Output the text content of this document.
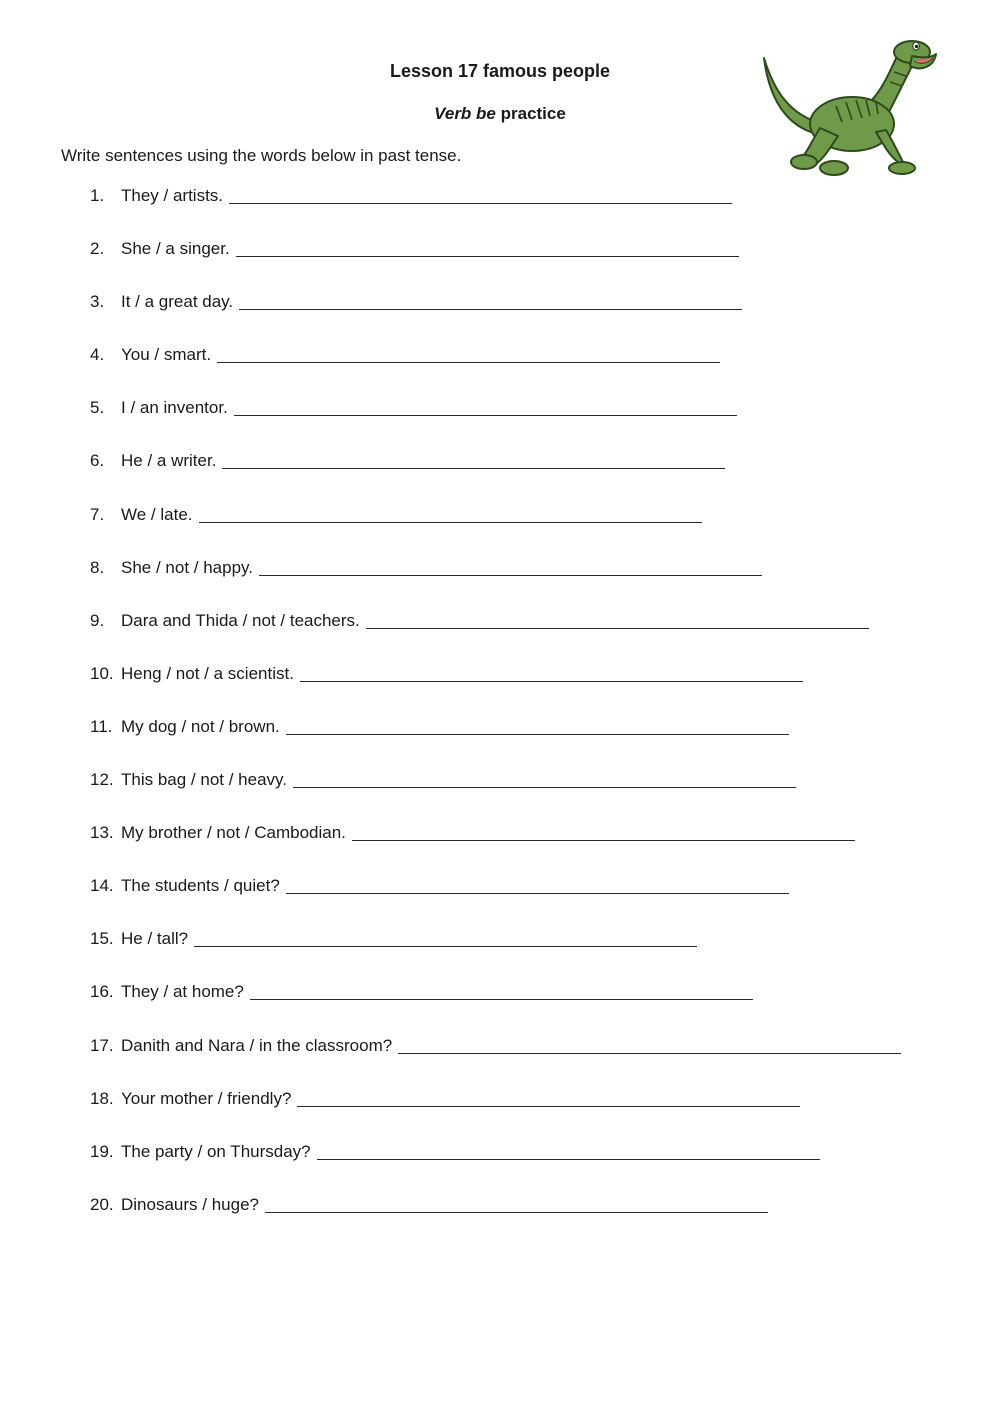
Lesson 17 famous people

Verb be practice

Write sentences using the words below in past tense.

1. They / artists.
2. She / a singer.
3. It / a great day.
4. You / smart.
5. I / an inventor.
6. He / a writer.
7. We / late.
8. She / not / happy.
9. Dara and Thida / not / teachers.
10. Heng / not / a scientist.
11. My dog / not / brown.
12. This bag / not / heavy.
13. My brother / not / Cambodian.
14. The students / quiet?
15. He / tall?
16. They / at home?
17. Danith and Nara / in the classroom?
18. Your mother / friendly?
19. The party / on Thursday?
20. Dinosaurs / huge?
